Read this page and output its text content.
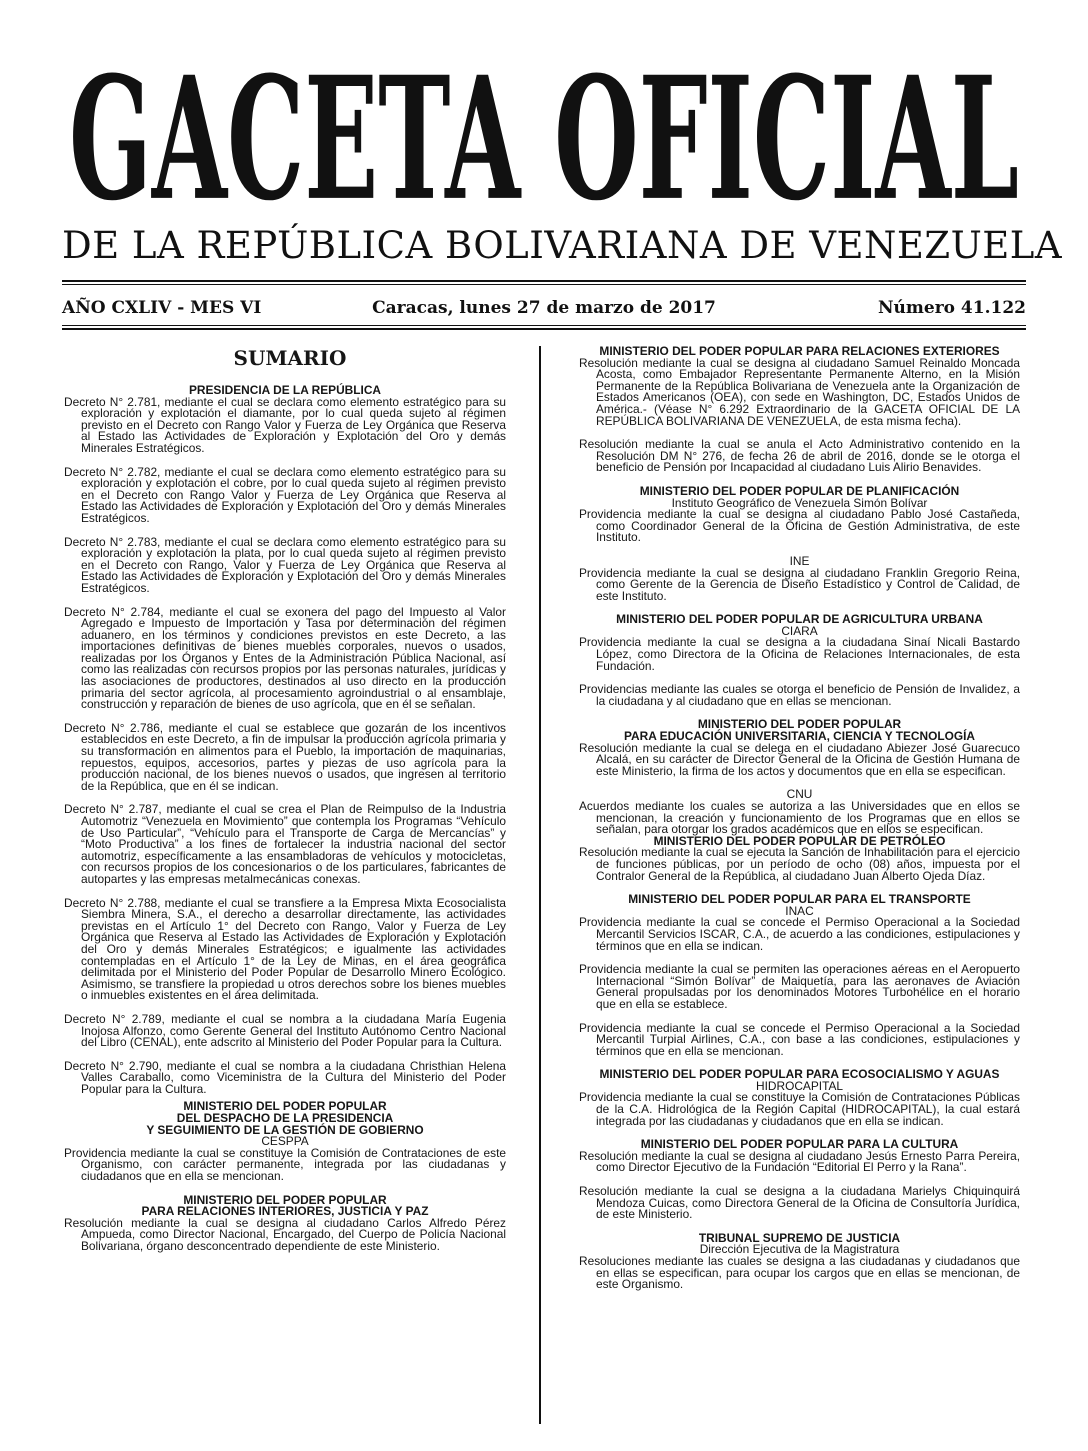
GACETA OFICIAL
DE LA REPÚBLICA BOLIVARIANA DE VENEZUELA
AÑO CXLIV - MES VI	Caracas, lunes 27 de marzo de 2017	Número 41.122
SUMARIO

PRESIDENCIA DE LA REPÚBLICA

Decreto N° 2.781, mediante el cual se declara como elemento estratégico para su exploración y explotación el diamante, por lo cual queda sujeto al régimen previsto en el Decreto con Rango Valor y Fuerza de Ley Orgánica que Reserva al Estado las Actividades de Exploración y Explotación del Oro y demás Minerales Estratégicos.

Decreto N° 2.782, mediante el cual se declara como elemento estratégico para su exploración y explotación el cobre, por lo cual queda sujeto al régimen previsto en el Decreto con Rango Valor y Fuerza de Ley Orgánica que Reserva al Estado las Actividades de Exploración y Explotación del Oro y demás Minerales Estratégicos.

Decreto N° 2.783, mediante el cual se declara como elemento estratégico para su exploración y explotación la plata, por lo cual queda sujeto al régimen previsto en el Decreto con Rango, Valor y Fuerza de Ley Orgánica que Reserva al Estado las Actividades de Exploración y Explotación del Oro y demás Minerales Estratégicos.

Decreto N° 2.784, mediante el cual se exonera del pago del Impuesto al Valor Agregado e Impuesto de Importación y Tasa por determinación del régimen aduanero, en los términos y condiciones previstos en este Decreto, a las importaciones definitivas de bienes muebles corporales, nuevos o usados, realizadas por los Órganos y Entes de la Administración Pública Nacional, así como las realizadas con recursos propios por las personas naturales, jurídicas y las asociaciones de productores, destinados al uso directo en la producción primaria del sector agrícola, al procesamiento agroindustrial o al ensamblaje, construcción y reparación de bienes de uso agrícola, que en él se señalan.

Decreto N° 2.786, mediante el cual se establece que gozarán de los incentivos establecidos en este Decreto, a fin de impulsar la producción agrícola primaria y su transformación en alimentos para el Pueblo, la importación de maquinarias, repuestos, equipos, accesorios, partes y piezas de uso agrícola para la producción nacional, de los bienes nuevos o usados, que ingresen al territorio de la República, que en él se indican.

Decreto N° 2.787, mediante el cual se crea el Plan de Reimpulso de la Industria Automotriz “Venezuela en Movimiento” que contempla los Programas “Vehículo de Uso Particular”, “Vehículo para el Transporte de Carga de Mercancías” y “Moto Productiva” a los fines de fortalecer la industria nacional del sector automotriz, específicamente a las ensambladoras de vehículos y motocicletas, con recursos propios de los concesionarios o de los particulares, fabricantes de autopartes y las empresas metalmecánicas conexas.

Decreto N° 2.788, mediante el cual se transfiere a la Empresa Mixta Ecosocialista Siembra Minera, S.A., el derecho a desarrollar directamente, las actividades previstas en el Artículo 1° del Decreto con Rango, Valor y Fuerza de Ley Orgánica que Reserva al Estado las Actividades de Exploración y Explotación del Oro y demás Minerales Estratégicos; e igualmente las actividades contempladas en el Artículo 1° de la Ley de Minas, en el área geográfica delimitada por el Ministerio del Poder Popular de Desarrollo Minero Ecológico. Asimismo, se transfiere la propiedad u otros derechos sobre los bienes muebles o inmuebles existentes en el área delimitada.

Decreto N° 2.789, mediante el cual se nombra a la ciudadana María Eugenia Inojosa Alfonzo, como Gerente General del Instituto Autónomo Centro Nacional del Libro (CENAL), ente adscrito al Ministerio del Poder Popular para la Cultura.

Decreto N° 2.790, mediante el cual se nombra a la ciudadana Christhian Helena Valles Caraballo, como Viceministra de la Cultura del Ministerio del Poder Popular para la Cultura.

MINISTERIO DEL PODER POPULAR

DEL DESPACHO DE LA PRESIDENCIA

Y SEGUIMIENTO DE LA GESTIÓN DE GOBIERNO

CESPPA

Providencia mediante la cual se constituye la Comisión de Contrataciones de este Organismo, con carácter permanente, integrada por las ciudadanas y ciudadanos que en ella se mencionan.

MINISTERIO DEL PODER POPULAR

PARA RELACIONES INTERIORES, JUSTICIA Y PAZ

Resolución mediante la cual se designa al ciudadano Carlos Alfredo Pérez Ampueda, como Director Nacional, Encargado, del Cuerpo de Policía Nacional Bolivariana, órgano desconcentrado dependiente de este Ministerio.

MINISTERIO DEL PODER POPULAR PARA RELACIONES EXTERIORES

Resolución mediante la cual se designa al ciudadano Samuel Reinaldo Moncada Acosta, como Embajador Representante Permanente Alterno, en la Misión Permanente de la República Bolivariana de Venezuela ante la Organización de Estados Americanos (OEA), con sede en Washington, DC, Estados Unidos de América.- (Véase N° 6.292 Extraordinario de la GACETA OFICIAL DE LA REPÚBLICA BOLIVARIANA DE VENEZUELA, de esta misma fecha).

Resolución mediante la cual se anula el Acto Administrativo contenido en la Resolución DM N° 276, de fecha 26 de abril de 2016, donde se le otorga el beneficio de Pensión por Incapacidad al ciudadano Luis Alirio Benavides.

MINISTERIO DEL PODER POPULAR DE PLANIFICACIÓN

Instituto Geográfico de Venezuela Simón Bolívar

Providencia mediante la cual se designa al ciudadano Pablo José Castañeda, como Coordinador General de la Oficina de Gestión Administrativa, de este Instituto.

INE

Providencia mediante la cual se designa al ciudadano Franklin Gregorio Reina, como Gerente de la Gerencia de Diseño Estadístico y Control de Calidad, de este Instituto.

MINISTERIO DEL PODER POPULAR DE AGRICULTURA URBANA

CIARA

Providencia mediante la cual se designa a la ciudadana Sinaí Nicali Bastardo López, como Directora de la Oficina de Relaciones Internacionales, de esta Fundación.

Providencias mediante las cuales se otorga el beneficio de Pensión de Invalidez, a la ciudadana y al ciudadano que en ellas se mencionan.

MINISTERIO DEL PODER POPULAR

PARA EDUCACIÓN UNIVERSITARIA, CIENCIA Y TECNOLOGÍA

Resolución mediante la cual se delega en el ciudadano Abiezer José Guarecuco Alcalá, en su carácter de Director General de la Oficina de Gestión Humana de este Ministerio, la firma de los actos y documentos que en ella se especifican.

CNU

Acuerdos mediante los cuales se autoriza a las Universidades que en ellos se mencionan, la creación y funcionamiento de los Programas que en ellos se señalan, para otorgar los grados académicos que en ellos se especifican.

MINISTERIO DEL PODER POPULAR DE PETRÓLEO

Resolución mediante la cual se ejecuta la Sanción de Inhabilitación para el ejercicio de funciones públicas, por un período de ocho (08) años, impuesta por el Contralor General de la República, al ciudadano Juan Alberto Ojeda Díaz.

MINISTERIO DEL PODER POPULAR PARA EL TRANSPORTE

INAC

Providencia mediante la cual se concede el Permiso Operacional a la Sociedad Mercantil Servicios ISCAR, C.A., de acuerdo a las condiciones, estipulaciones y términos que en ella se indican.

Providencia mediante la cual se permiten las operaciones aéreas en el Aeropuerto Internacional “Simón Bolívar” de Maiquetía, para las aeronaves de Aviación General propulsadas por los denominados Motores Turbohélice en el horario que en ella se establece.

Providencia mediante la cual se concede el Permiso Operacional a la Sociedad Mercantil Turpial Airlines, C.A., con base a las condiciones, estipulaciones y términos que en ella se mencionan.

MINISTERIO DEL PODER POPULAR PARA ECOSOCIALISMO Y AGUAS

HIDROCAPITAL

Providencia mediante la cual se constituye la Comisión de Contrataciones Públicas de la C.A. Hidrológica de la Región Capital (HIDROCAPITAL), la cual estará integrada por las ciudadanas y ciudadanos que en ella se indican.

MINISTERIO DEL PODER POPULAR PARA LA CULTURA

Resolución mediante la cual se designa al ciudadano Jesús Ernesto Parra Pereira, como Director Ejecutivo de la Fundación “Editorial El Perro y la Rana”.

Resolución mediante la cual se designa a la ciudadana Marielys Chiquinquirá Mendoza Cuicas, como Directora General de la Oficina de Consultoría Jurídica, de este Ministerio.

TRIBUNAL SUPREMO DE JUSTICIA

Dirección Ejecutiva de la Magistratura

Resoluciones mediante las cuales se designa a las ciudadanas y ciudadanos que en ellas se especifican, para ocupar los cargos que en ellas se mencionan, de este Organismo.
